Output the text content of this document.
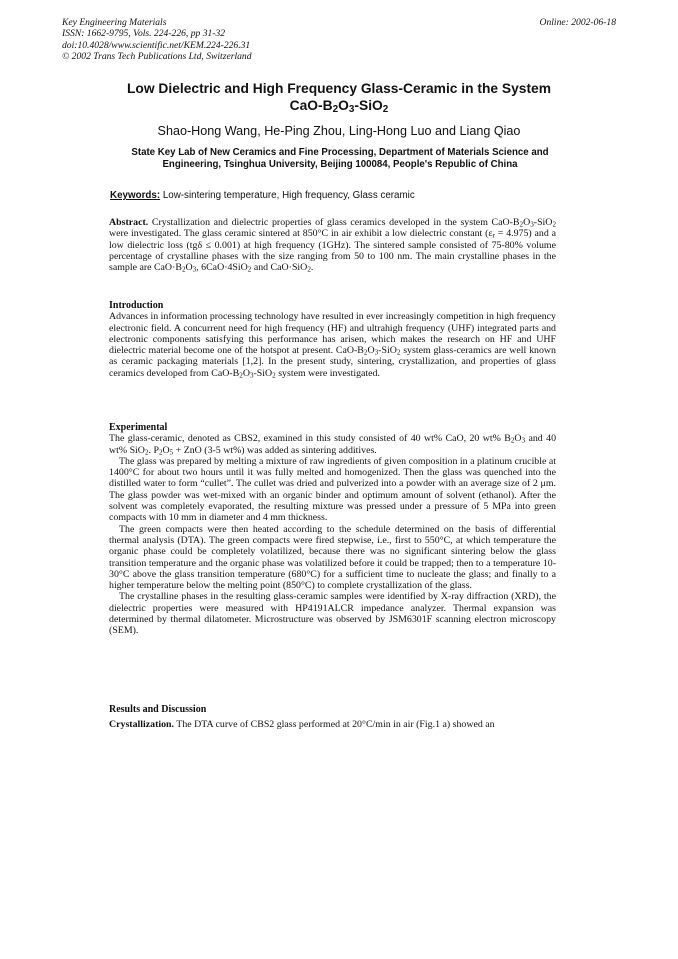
Key Engineering Materials
ISSN: 1662-9795, Vols. 224-226, pp 31-32
doi:10.4028/www.scientific.net/KEM.224-226.31
© 2002 Trans Tech Publications Ltd, Switzerland
Online: 2002-06-18
Low Dielectric and High Frequency Glass-Ceramic in the System
CaO-$B_2O_3-SiO_2$
Shao-Hong Wang, He-Ping Zhou, Ling-Hong Luo and Liang Qiao
State Key Lab of New Ceramics and Fine Processing, Department of Materials Science and
Engineering, Tsinghua University, Beijing 100084, People's Republic of China
Keywords: Low-sintering temperature, High frequency, Glass ceramic

Abstract. Crystallization and dielectric properties of glass ceramics developed in the system CaO-$B_2O_3-SiO_2$ were investigated. The glass ceramic sintered at 850°C in air exhibit a low dielectric constant $(\varepsilon_r = 4.975)$ and a low dielectric loss (tgδ ≤ 0.001) at high frequency (1GHz). The sintered sample consisted of 75-80% volume percentage of crystalline phases with the size ranging from 50 to 100 nm. The main crystalline phases in the sample are $CaO\cdot B_2O_3$, 6CaO·4SiO$_2$ and CaO·SiO$_2$.

Introduction

Advances in information processing technology have resulted in ever increasingly competition in high frequency electronic field. A concurrent need for high frequency (HF) and ultrahigh frequency (UHF) integrated parts and electronic components satisfying this performance has arisen, which makes the research on HF and UHF dielectric material become one of the hotspot at present. CaO-$B_2O_3-SiO_2$ system glass-ceramics are well known as ceramic packaging materials [1,2]. In the present study, sintering, crystallization, and properties of glass ceramics developed from CaO-$B_2O_3-SiO_2$ system were investigated.

Experimental

The glass-ceramic, denoted as CBS2, examined in this study consisted of 40 wt% CaO, 20 wt% $B_2O_3$ and 40 wt% SiO$_2$. $P_2O_5$ + ZnO (3-5 wt%) was added as sintering additives.

The glass was prepared by melting a mixture of raw ingredients of given composition in a platinum crucible at 1400°C for about two hours until it was fully melted and homogenized. Then the glass was quenched into the distilled water to form “cullet”. The cullet was dried and pulverized into a powder with an average size of 2 μm. The glass powder was wet-mixed with an organic binder and optimum amount of solvent (ethanol). After the solvent was completely evaporated, the resulting mixture was pressed under a pressure of 5 MPa into green compacts with 10 mm in diameter and 4 mm thickness.

The green compacts were then heated according to the schedule determined on the basis of differential thermal analysis (DTA). The green compacts were fired stepwise, i.e., first to 550°C, at which temperature the organic phase could be completely volatilized, because there was no significant sintering below the glass transition temperature and the organic phase was volatilized before it could be trapped; then to a temperature 10-30°C above the glass transition temperature (680°C) for a sufficient time to nucleate the glass; and finally to a higher temperature below the melting point (850°C) to complete crystallization of the glass.

The crystalline phases in the resulting glass-ceramic samples were identified by X-ray diffraction (XRD), the dielectric properties were measured with HP4191ALCR impedance analyzer. Thermal expansion was determined by thermal dilatometer. Microstructure was observed by JSM6301F scanning electron microscopy (SEM).

Results and Discussion

Crystallization. The DTA curve of CBS2 glass performed at 20°C/min in air (Fig.1 a) showed an
